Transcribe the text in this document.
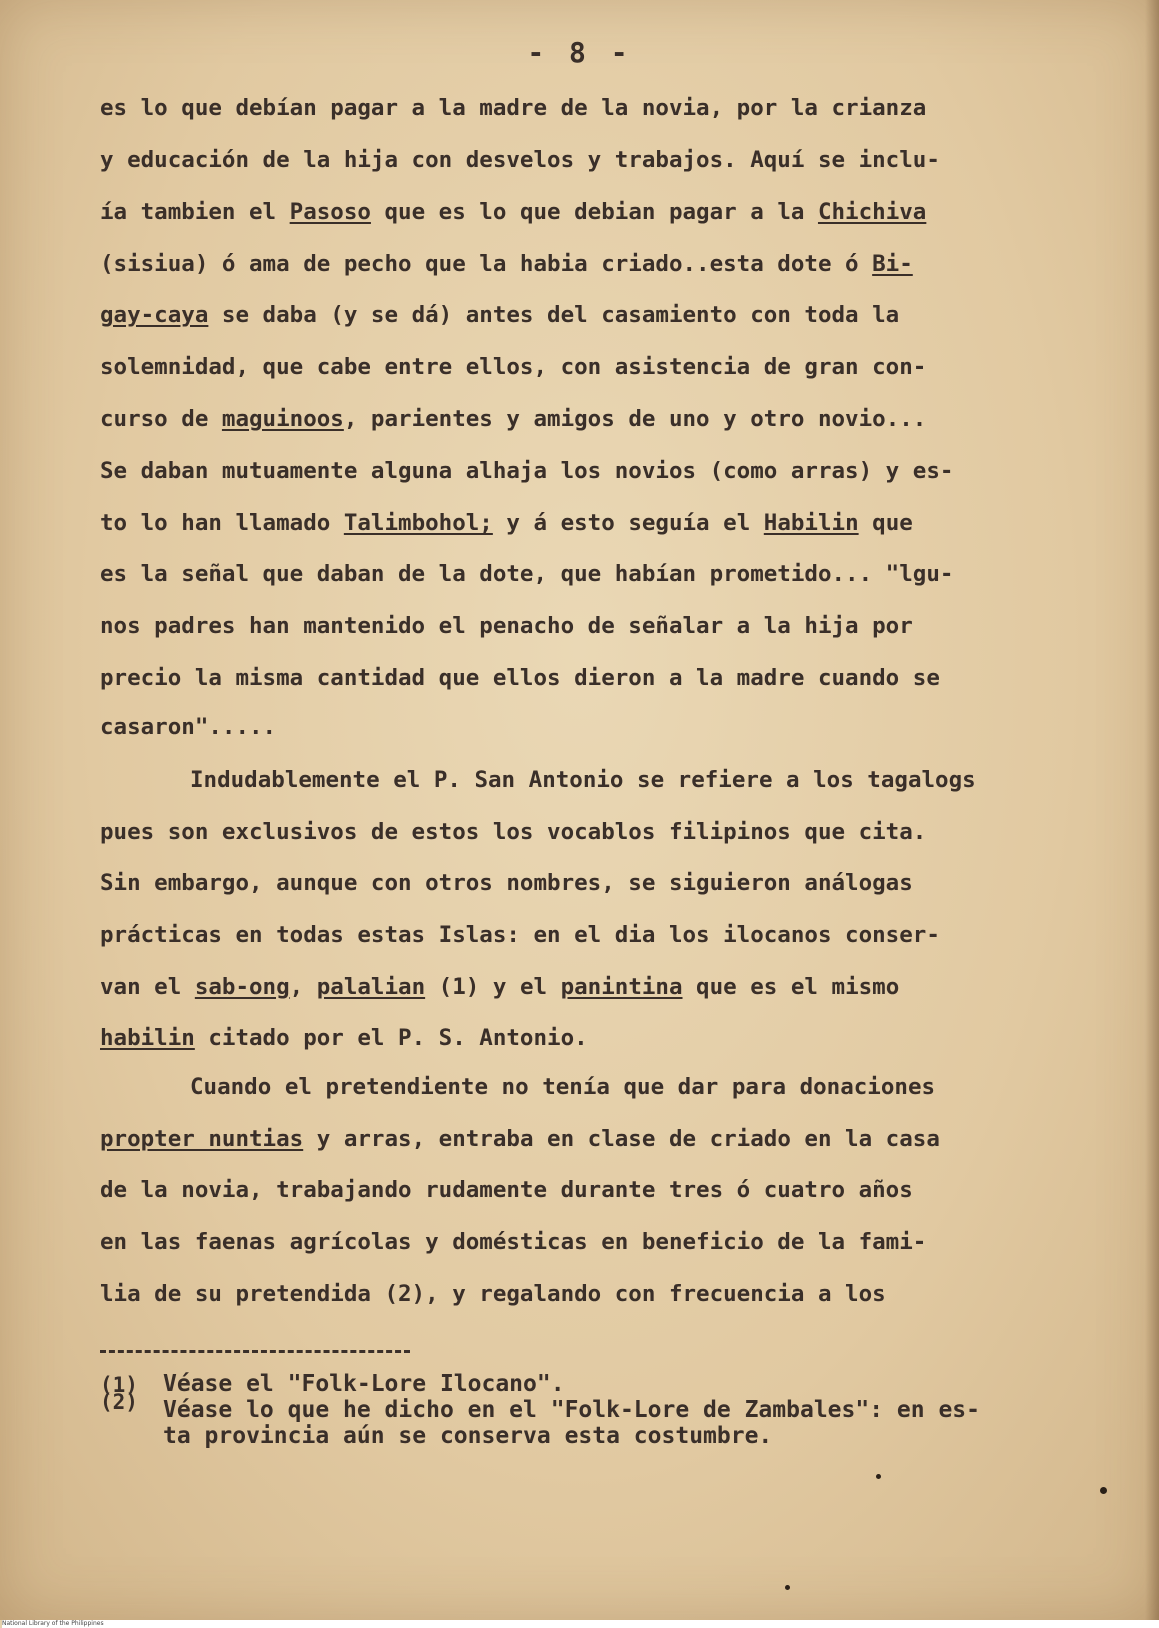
- 8 -
es lo que debían pagar a la madre de la novia, por la crianza
y educación de la hija con desvelos y trabajos. Aquí se inclu-
ía tambien el Pasoso que es lo que debian pagar a la Chichiva
(sisiua) ó ama de pecho que la habia criado..esta dote ó Bi-
gay-caya se daba (y se dá) antes del casamiento con toda la
solemnidad, que cabe entre ellos, con asistencia de gran con-
curso de maguinoos, parientes y amigos de uno y otro novio...
Se daban mutuamente alguna alhaja los novios (como arras) y es-
to lo han llamado Talimbohol; y á esto seguía el Habilin que
es la señal que daban de la dote, que habían prometido... "lgu-
nos padres han mantenido el penacho de señalar a la hija por
precio la misma cantidad que ellos dieron a la madre cuando se
casaron".....
Indudablemente el P. San Antonio se refiere a los tagalogs
pues son exclusivos de estos los vocablos filipinos que cita.
Sin embargo, aunque con otros nombres, se siguieron análogas
prácticas en todas estas Islas: en el dia los ilocanos conser-
van el sab-ong, palalian (1) y el panintina que es el mismo
habilin citado por el P. S. Antonio.
Cuando el pretendiente no tenía que dar para donaciones
propter nuntias y arras, entraba en clase de criado en la casa
de la novia, trabajando rudamente durante tres ó cuatro años
en las faenas agrícolas y domésticas en beneficio de la fami-
lia de su pretendida (2), y regalando con frecuencia a los
(1)
(2)
Véase el "Folk-Lore Ilocano".
Véase lo que he dicho en el "Folk-Lore de Zambales": en es-
ta provincia aún se conserva esta costumbre.
National Library of the Philippines
